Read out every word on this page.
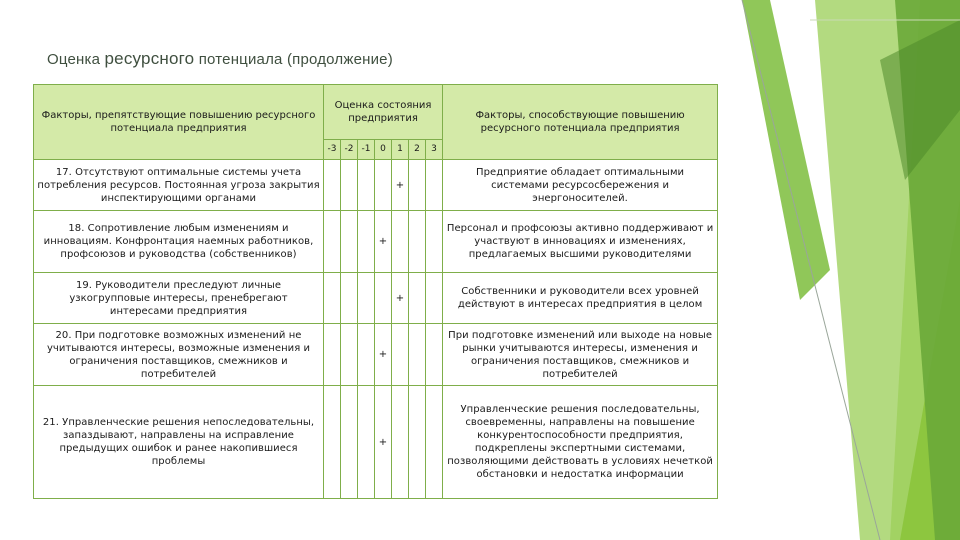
Оценка ресурсного потенциала (продолжение)
Факторы, препятствующие повышению ресурсного потенциала предприятия	Оценка состояния предприятия							Факторы, способствующие повышению ресурсного потенциала предприятия
	-3	-2	-1	0	1	2	3	
17. Отсутствуют оптимальные системы учета потребления ресурсов. Постоянная угроза закрытия инспектирующими органами					+			Предприятие обладает оптимальными системами ресурсосбережения и энергоносителей.
18. Сопротивление любым изменениям и инновациям. Конфронтация наемных работников, профсоюзов и руководства (собственников)				+				Персонал и профсоюзы активно поддерживают и участвуют в инновациях и изменениях, предлагаемых высшими руководителями
19. Руководители преследуют личные узкогрупповые интересы, пренебрегают интересами предприятия					+			Собственники и руководители всех уровней действуют в интересах предприятия в целом
20. При подготовке возможных изменений не учитываются интересы, возможные изменения и ограничения поставщиков, смежников и потребителей				+				При подготовке изменений или выходе на новые рынки учитываются интересы, изменения и ограничения поставщиков, смежников и потребителей
21. Управленческие решения непоследовательны, запаздывают, направлены на исправление предыдущих ошибок и ранее накопившиеся проблемы				+				Управленческие решения последовательны, своевременны, направлены на повышение конкурентоспособности предприятия, подкреплены экспертными системами, позволяющими действовать в условиях нечеткой обстановки и недостатка информации
